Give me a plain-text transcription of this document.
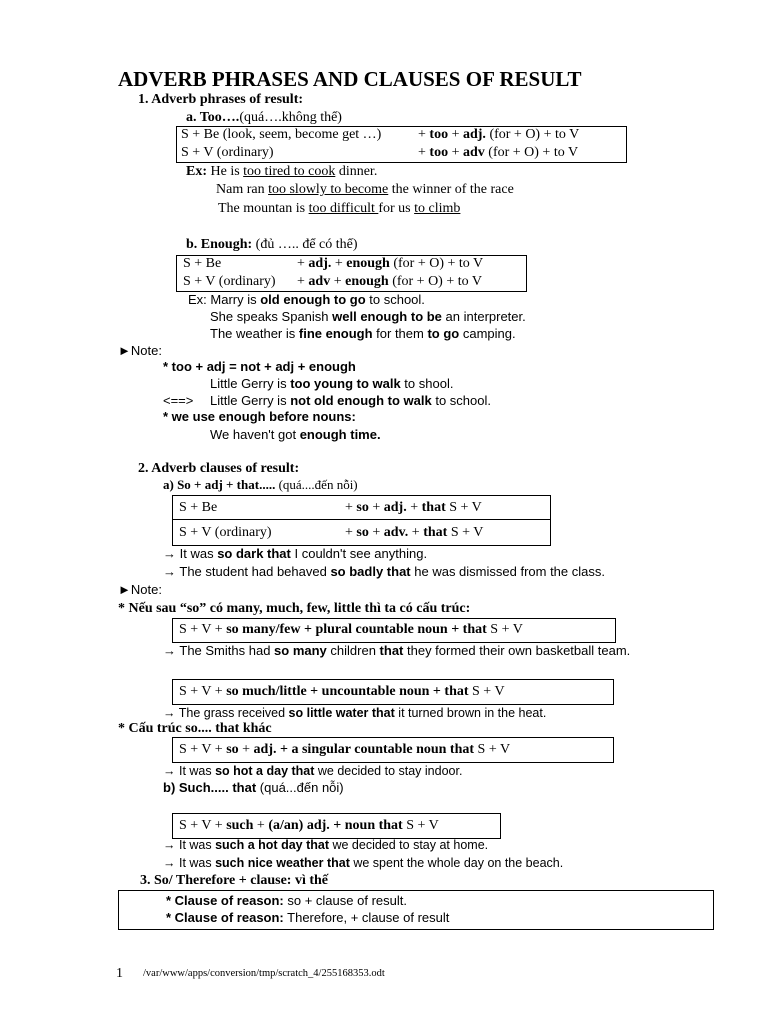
ADVERB PHRASES AND CLAUSES OF RESULT
1. Adverb phrases of result:
a. Too….(quá….không thể)
S + Be (look, seem, become get …)	+ too + adj. (for + O) + to V
S + V (ordinary)	+ too + adv (for + O) + to V
Ex: He is too tired to cook dinner.
Nam ran too slowly to become the winner of the race
The mountan is too difficult for us to climb
b. Enough: (đủ ….. để có thể)
S + Be	+ adj. + enough (for + O) + to V
S + V (ordinary) + adv + enough (for + O) + to V
Ex: Marry is old enough to go to school.
She speaks Spanish well enough to be an interpreter.
The weather is fine enough for them to go camping.
►Note:
* too + adj = not + adj + enough
Little Gerry is too young to walk to shool.
<==> Little Gerry is not old enough to walk to school.
* we use enough before nouns:
We haven't got enough time.
2. Adverb clauses of result:
a) So + adj + that..... (quá....đến nỗi)
S + Be	+ so + adj. + that S + V
S + V (ordinary)	+ so + adv. + that S + V
→ It was so dark that I couldn't see anything.
→ The student had behaved so badly that he was dismissed from the class.
►Note:
* Nếu sau “so” có many, much, few, little thì ta có cấu trúc:
S + V + so many/few + plural countable noun + that S + V
→ The Smiths had so many children that they formed their own basketball team.
S + V + so much/little + uncountable noun + that S + V
→ The grass received so little water that it turned brown in the heat.
* Cấu trúc so.... that khác
S + V + so + adj. + a singular countable noun that S + V
→ It was so hot a day that we decided to stay indoor.
b) Such..... that (quá...đến nỗi)
S + V + such + (a/an) adj. + noun that S + V
→ It was such a hot day that we decided to stay at home.
→ It was such nice weather that we spent the whole day on the beach.
3. So/ Therefore + clause: vì thế
* Clause of reason: so + clause of result.
* Clause of reason: Therefore, + clause of result
1 /var/www/apps/conversion/tmp/scratch_4/255168353.odt
